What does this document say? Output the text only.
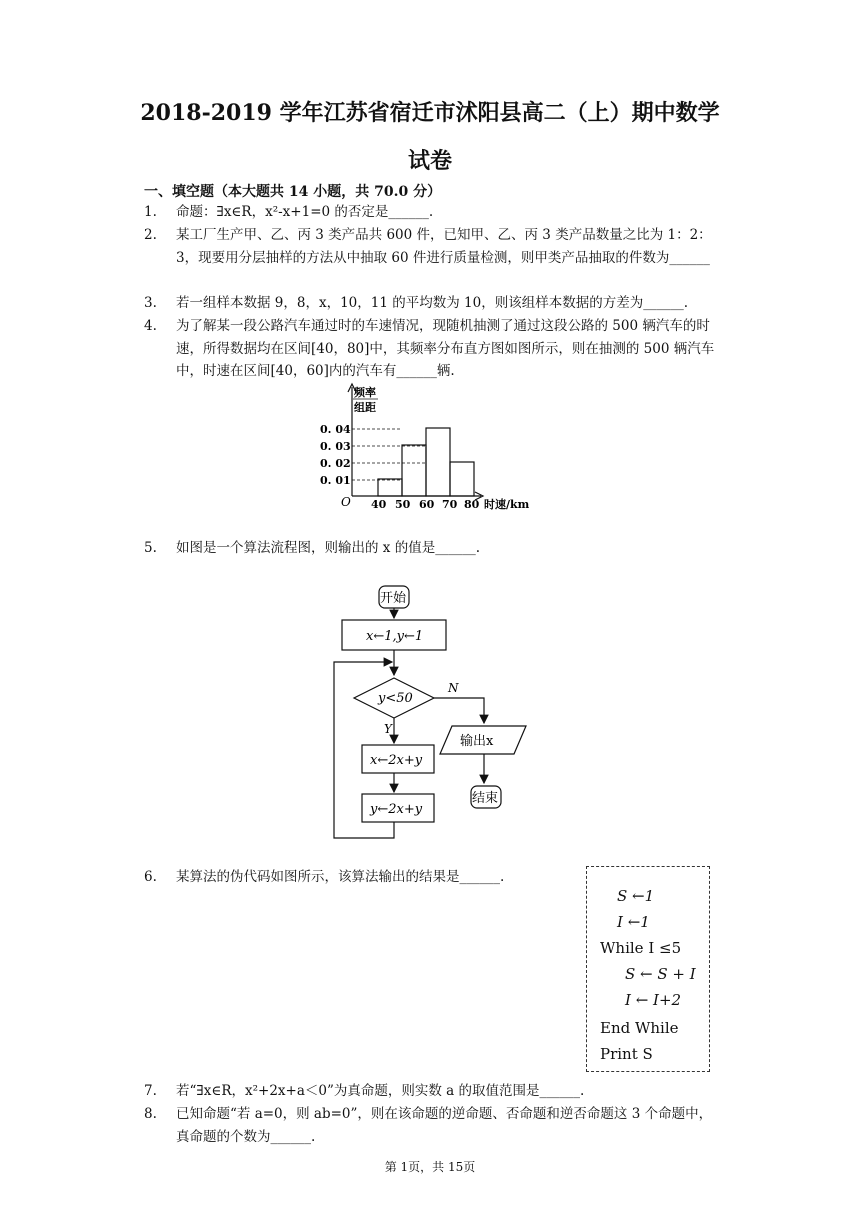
2018-2019 学年江苏省宿迁市沭阳县高二（上）期中数学
试卷
一、填空题（本大题共 14 小题，共 70.0 分）
1. 命题：∃x∈R，x²-x+1=0 的否定是______.
2. 某工厂生产甲、乙、丙 3 类产品共 600 件，已知甲、乙、丙 3 类产品数量之比为 1：2：3，现要用分层抽样的方法从中抽取 60 件进行质量检测，则甲类产品抽取的件数为______
3. 若一组样本数据 9，8，x，10，11 的平均数为 10，则该组样本数据的方差为______.
4. 为了解某一段公路汽车通过时的车速情况，现随机抽测了通过这段公路的 500 辆汽车的时速，所得数据均在区间[40，80]中，其频率分布直方图如图所示，则在抽测的 500 辆汽车中，时速在区间[40，60]内的汽车有______辆.
频率
组距
0. 04
0. 03
0. 02
0. 01
O 40 50 60 70 80 时速/km
5. 如图是一个算法流程图，则输出的 x 的值是______.
开始
x←1,y←1
y<50
Y
N
x←2x+y
y←2x+y
输出x
结束
6. 某算法的伪代码如图所示，该算法输出的结果是______.
S ←1
I ←1
While I ≤5
S ← S + I
I ← I+2
End While
Print S
7. 若“∃x∈R，x²+2x+a＜0”为真命题，则实数 a 的取值范围是______.
8. 已知命题“若 a=0，则 ab=0”，则在该命题的逆命题、否命题和逆否命题这 3 个命题中，真命题的个数为______.
第 1页，共 15页
